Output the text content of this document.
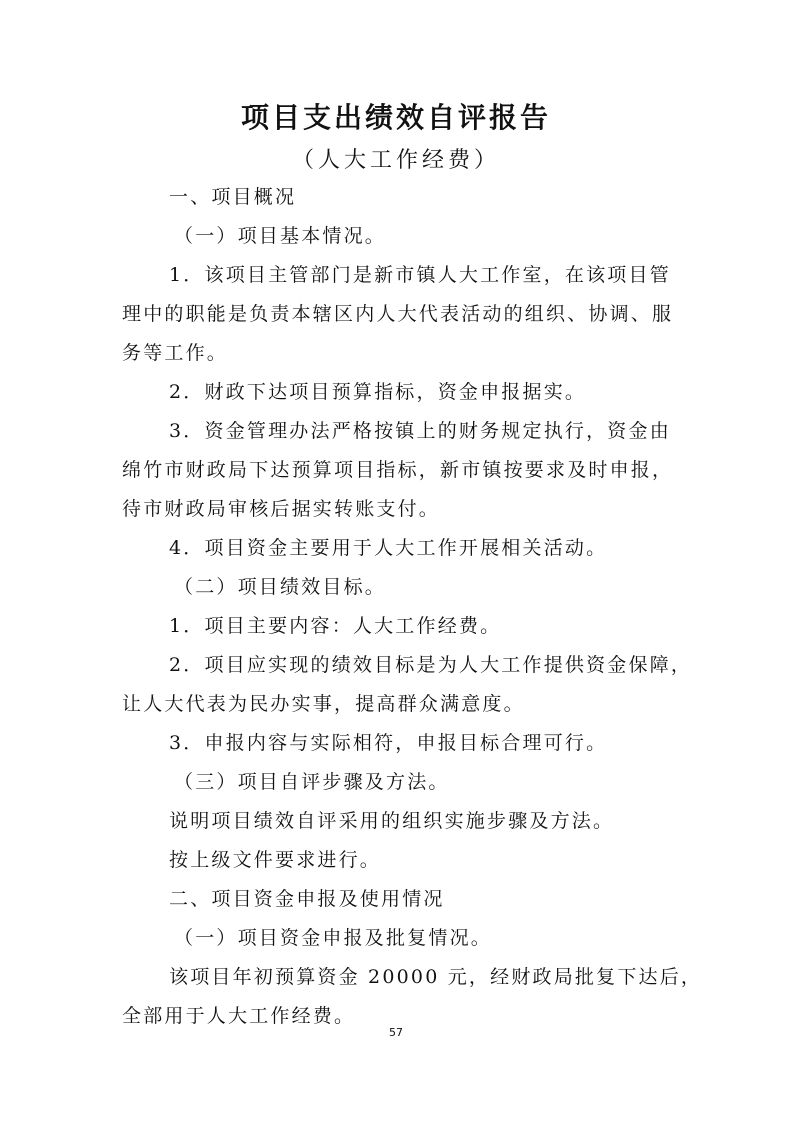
项目支出绩效自评报告
（人大工作经费）
一、项目概况
（一）项目基本情况。
1．该项目主管部门是新市镇人大工作室，在该项目管
理中的职能是负责本辖区内人大代表活动的组织、协调、服
务等工作。
2．财政下达项目预算指标，资金申报据实。
3．资金管理办法严格按镇上的财务规定执行，资金由
绵竹市财政局下达预算项目指标，新市镇按要求及时申报，
待市财政局审核后据实转账支付。
4．项目资金主要用于人大工作开展相关活动。
（二）项目绩效目标。
1．项目主要内容：人大工作经费。
2．项目应实现的绩效目标是为人大工作提供资金保障，
让人大代表为民办实事，提高群众满意度。
3．申报内容与实际相符，申报目标合理可行。
（三）项目自评步骤及方法。
说明项目绩效自评采用的组织实施步骤及方法。
按上级文件要求进行。
二、项目资金申报及使用情况
（一）项目资金申报及批复情况。
该项目年初预算资金 20000 元，经财政局批复下达后，
全部用于人大工作经费。
57
